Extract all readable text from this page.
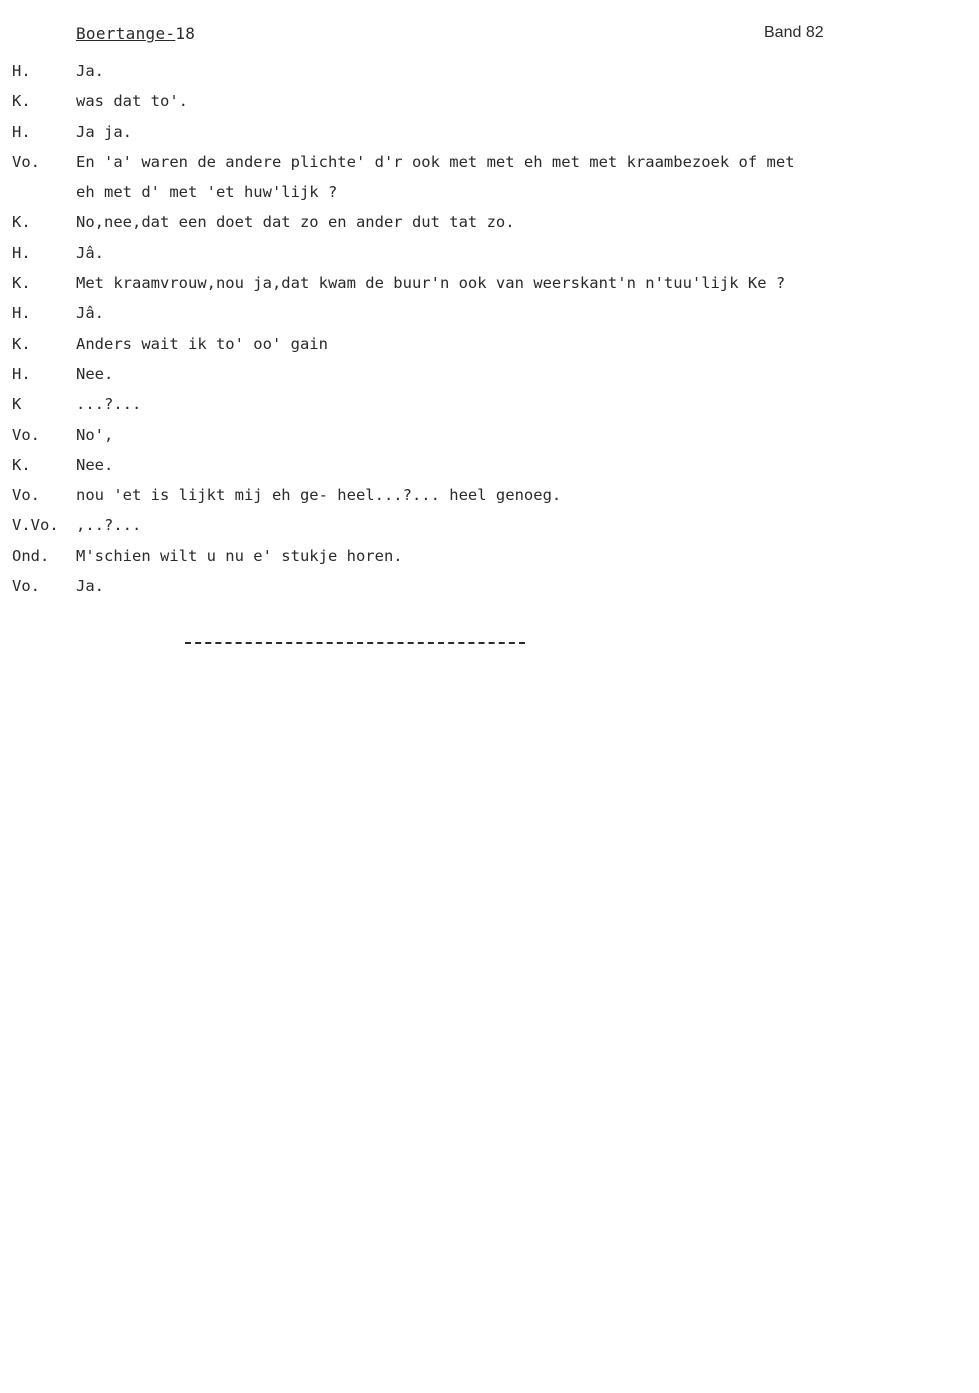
Boertange-18	Band 82
H.	Ja.
K.	was dat to'.
H.	Ja ja.
Vo.	En 'a' waren de andere plichte' d'r ook met met eh met met kraambezoek of met
eh met d' met 'et huw'lijk ?
K.	No,nee,dat een doet dat zo en ander dut tat zo.
H.	Jâ.
K.	Met kraamvrouw,nou ja,dat kwam de buur'n ook van weerskant'n n'tuu'lijk Ke ?
H.	Jâ.
K.	Anders wait ik to' oo' gain
H.	Nee.
K	...?...
Vo.	No',
K.	Nee.
Vo.	nou 'et is lijkt mij eh ge- heel...?... heel genoeg.
V.Vo.	,..?...
Ond.	M'schien wilt u nu e' stukje horen.
Vo.	Ja.
